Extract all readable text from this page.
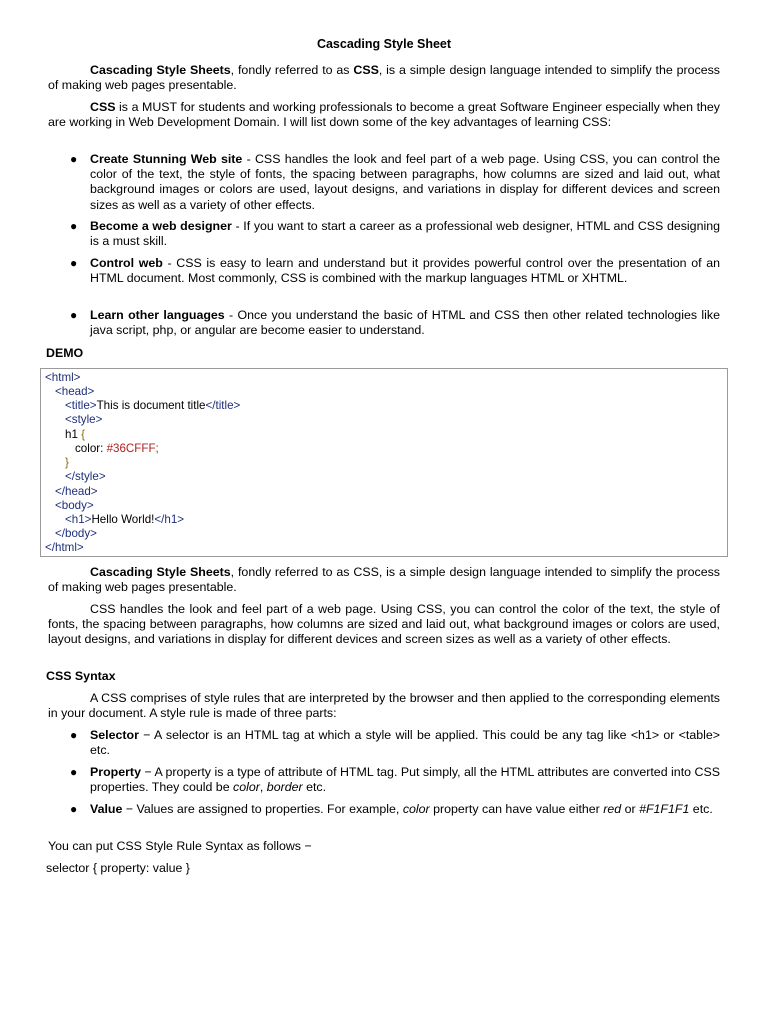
Cascading Style Sheet

Cascading Style Sheets, fondly referred to as CSS, is a simple design language intended to simplify the process of making web pages presentable.

CSS is a MUST for students and working professionals to become a great Software Engineer especially when they are working in Web Development Domain. I will list down some of the key advantages of learning CSS:

● Create Stunning Web site - CSS handles the look and feel part of a web page. Using CSS, you can control the color of the text, the style of fonts, the spacing between paragraphs, how columns are sized and laid out, what background images or colors are used, layout designs, and variations in display for different devices and screen sizes as well as a variety of other effects.
● Become a web designer - If you want to start a career as a professional web designer, HTML and CSS designing is a must skill.
● Control web - CSS is easy to learn and understand but it provides powerful control over the presentation of an HTML document. Most commonly, CSS is combined with the markup languages HTML or XHTML.
● Learn other languages - Once you understand the basic of HTML and CSS then other related technologies like java script, php, or angular are become easier to understand.
DEMO
<html>
<head>
<title>This is document title</title>
<style>
h1 {
color: #36CFFF;
}
</style>
</head>
<body>
<h1>Hello World!</h1>
</body>
</html>

Cascading Style Sheets, fondly referred to as CSS, is a simple design language intended to simplify the process of making web pages presentable.

CSS handles the look and feel part of a web page. Using CSS, you can control the color of the text, the style of fonts, the spacing between paragraphs, how columns are sized and laid out, what background images or colors are used, layout designs, and variations in display for different devices and screen sizes as well as a variety of other effects.

CSS Syntax

A CSS comprises of style rules that are interpreted by the browser and then applied to the corresponding elements in your document. A style rule is made of three parts:

● Selector − A selector is an HTML tag at which a style will be applied. This could be any tag like <h1> or <table> etc.
● Property − A property is a type of attribute of HTML tag. Put simply, all the HTML attributes are converted into CSS properties. They could be color, border etc.
● Value − Values are assigned to properties. For example, color property can have value either red or #F1F1F1 etc.
You can put CSS Style Rule Syntax as follows −
selector { property: value }
